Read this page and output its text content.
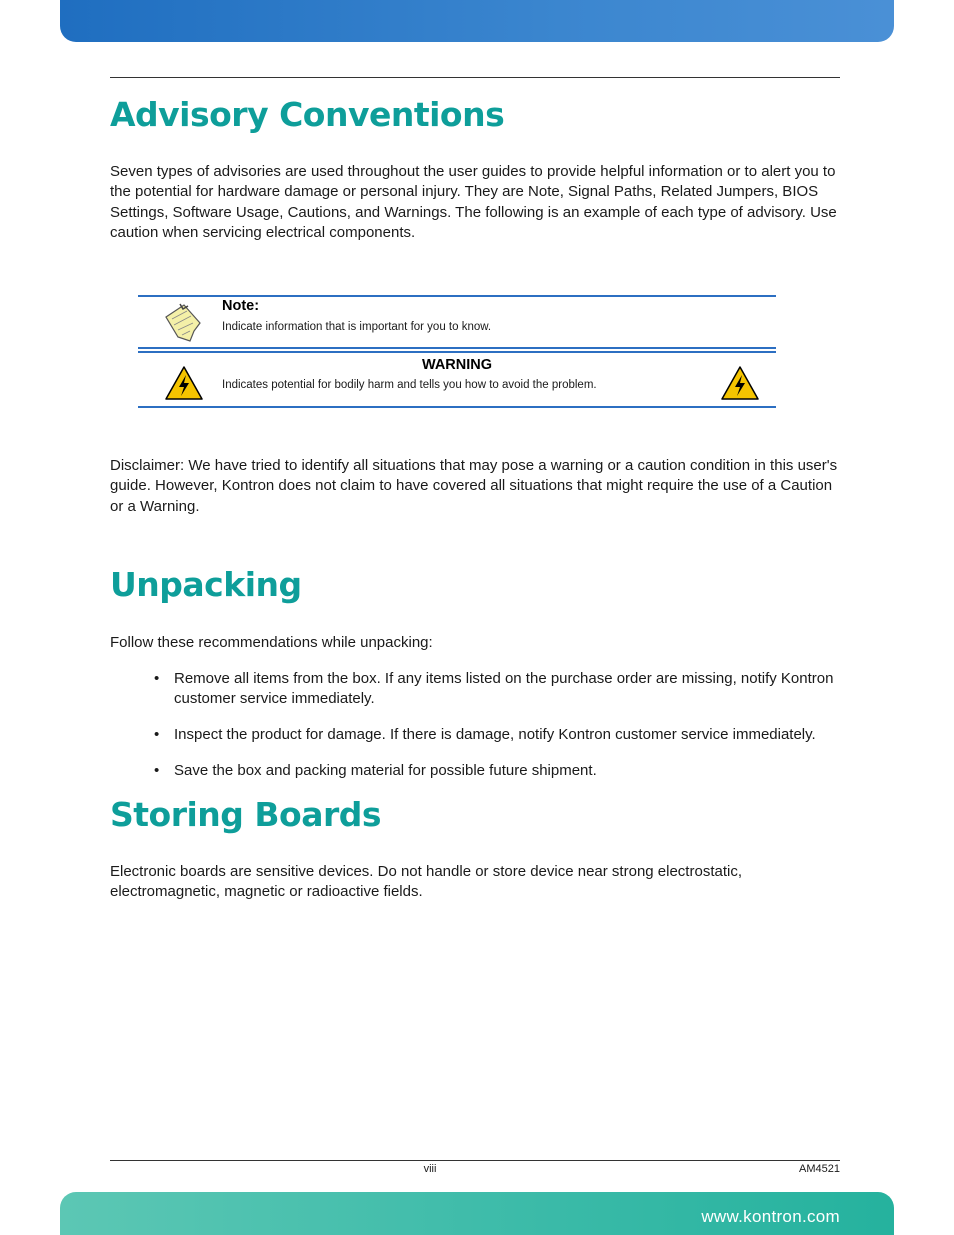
Advisory Conventions

Seven types of advisories are used throughout the user guides to provide helpful information or to alert you to the potential for hardware damage or personal injury. They are Note, Signal Paths, Related Jumpers, BIOS Settings, Software Usage, Cautions, and Warnings. The following is an example of each type of advisory. Use caution when servicing electrical components.

Note:
Indicate information that is important for you to know.
WARNING
Indicates potential for bodily harm and tells you how to avoid the problem.

Disclaimer: We have tried to identify all situations that may pose a warning or a caution condition in this user's guide. However, Kontron does not claim to have covered all situations that might require the use of a Caution or a Warning.

Unpacking

Follow these recommendations while unpacking:

• Remove all items from the box. If any items listed on the purchase order are missing, notify Kontron customer service immediately.
• Inspect the product for damage. If there is damage, notify Kontron customer service immediately.
• Save the box and packing material for possible future shipment.
Storing Boards

Electronic boards are sensitive devices. Do not handle or store device near strong electrostatic, electromagnetic, magnetic or radioactive fields.

viii	AM4521
www.kontron.com
